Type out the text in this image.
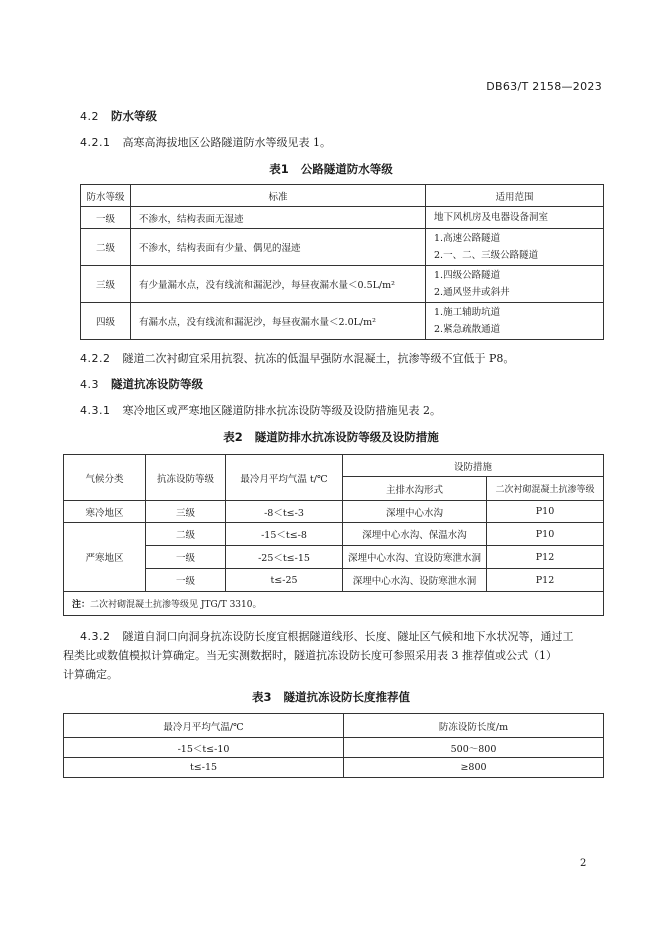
DB63/T 2158—2023
4.2 防水等级
4.2.1 高寒高海拔地区公路隧道防水等级见表 1。
表1 公路隧道防水等级
防水等级	标准	适用范围
一级	不渗水，结构表面无湿迹	地下风机房及电器设备洞室

二级	不渗水，结构表面有少量、偶见的湿迹	1.高速公路隧道
2.一、二、三级公路隧道

三级	有少量漏水点，没有线流和漏泥沙，每昼夜漏水量＜0.5L/m²	1.四级公路隧道
2.通风竖井或斜井

四级	有漏水点，没有线流和漏泥沙，每昼夜漏水量＜2.0L/m²	1.施工辅助坑道
2.紧急疏散通道
4.2.2 隧道二次衬砌宜采用抗裂、抗冻的低温早强防水混凝土，抗渗等级不宜低于 P8。
4.3 隧道抗冻设防等级
4.3.1 寒冷地区或严寒地区隧道防排水抗冻设防等级及设防措施见表 2。
表2 隧道防排水抗冻设防等级及设防措施
气候分类	抗冻设防等级	最冷月平均气温 t/℃	设防措施	
			主排水沟形式	二次衬砌混凝土抗渗等级
寒冷地区	三级	-8＜t≤-3	深埋中心水沟	P10
严寒地区	二级	-15＜t≤-8	深埋中心水沟、保温水沟	P10
	一级	-25＜t≤-15	深埋中心水沟、宜设防寒泄水洞	P12
	一级	t≤-25	深埋中心水沟、设防寒泄水洞	P12
注：二次衬砌混凝土抗渗等级见 JTG/T 3310。				
4.3.2 隧道自洞口向洞身抗冻设防长度宜根据隧道线形、长度、隧址区气候和地下水状况等，通过工
程类比或数值模拟计算确定。当无实测数据时，隧道抗冻设防长度可参照采用表 3 推荐值或公式（1）
计算确定。
表3 隧道抗冻设防长度推荐值
最冷月平均气温/℃	防冻设防长度/m
-15＜t≤-10	500～800
t≤-15	≥800
2
